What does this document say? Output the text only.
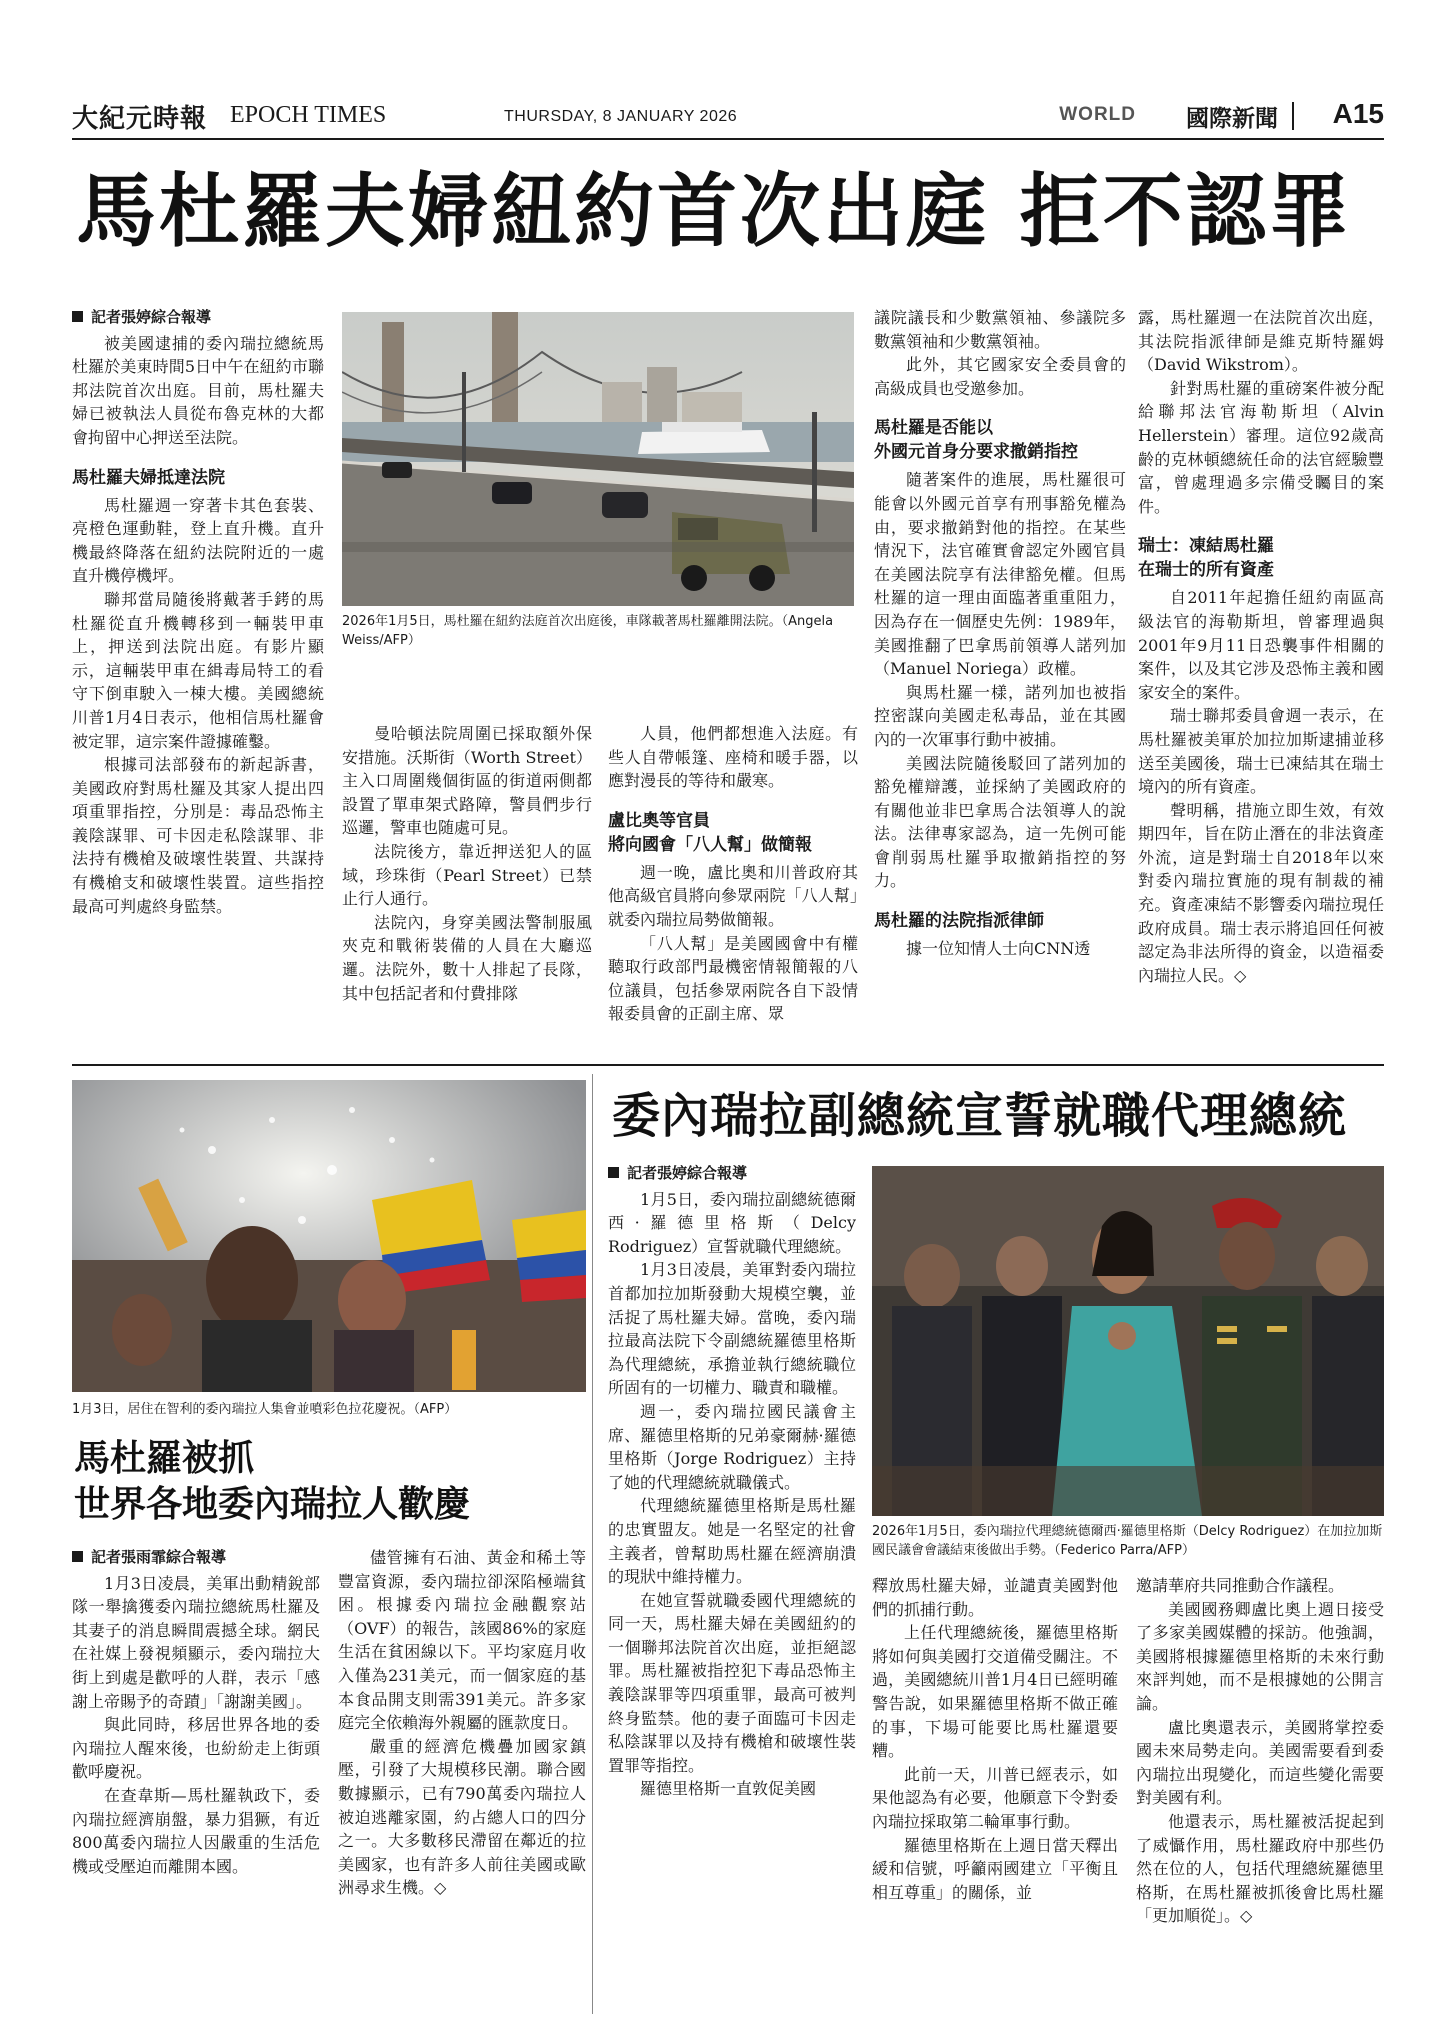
大紀元時報 EPOCH TIMES	THURSDAY, 8 JANUARY 2026	WORLD 國際新聞 A15
馬杜羅夫婦紐約首次出庭 拒不認罪
記者張婷綜合報導

被美國逮捕的委內瑞拉總統馬杜羅於美東時間5日中午在紐約市聯邦法院首次出庭。目前，馬杜羅夫婦已被執法人員從布魯克林的大都會拘留中心押送至法院。

馬杜羅夫婦抵達法院

馬杜羅週一穿著卡其色套裝、亮橙色運動鞋，登上直升機。直升機最終降落在紐約法院附近的一處直升機停機坪。

聯邦當局隨後將戴著手銬的馬杜羅從直升機轉移到一輛裝甲車上，押送到法院出庭。有影片顯示，這輛裝甲車在緝毒局特工的看守下倒車駛入一棟大樓。美國總統川普1月4日表示，他相信馬杜羅會被定罪，這宗案件證據確鑿。

根據司法部發布的新起訴書，美國政府對馬杜羅及其家人提出四項重罪指控，分別是：毒品恐怖主義陰謀罪、可卡因走私陰謀罪、非法持有機槍及破壞性裝置、共謀持有機槍支和破壞性裝置。這些指控最高可判處終身監禁。

2026年1月5日，馬杜羅在紐約法庭首次出庭後，車隊載著馬杜羅離開法院。（Angela Weiss/AFP）

曼哈頓法院周圍已採取額外保安措施。沃斯街（Worth Street）主入口周圍幾個街區的街道兩側都設置了單車架式路障，警員們步行巡邏，警車也随處可見。

法院後方，靠近押送犯人的區域，珍珠街（Pearl Street）已禁止行人通行。

法院內，身穿美國法警制服風夾克和戰術裝備的人員在大廳巡邏。法院外，數十人排起了長隊，其中包括記者和付費排隊

人員，他們都想進入法庭。有些人自帶帳篷、座椅和暖手器，以應對漫長的等待和嚴寒。

盧比奧等官員
將向國會「八人幫」做簡報

週一晚，盧比奧和川普政府其他高級官員將向參眾兩院「八人幫」就委內瑞拉局勢做簡報。

「八人幫」是美國國會中有權聽取行政部門最機密情報簡報的八位議員，包括參眾兩院各自下設情報委員會的正副主席、眾

議院議長和少數黨領袖、參議院多數黨領袖和少數黨領袖。

此外，其它國家安全委員會的高級成員也受邀參加。

馬杜羅是否能以
外國元首身分要求撤銷指控

隨著案件的進展，馬杜羅很可能會以外國元首享有刑事豁免權為由，要求撤銷對他的指控。在某些情況下，法官確實會認定外國官員在美國法院享有法律豁免權。但馬杜羅的這一理由面臨著重重阻力，因為存在一個歷史先例：1989年，美國推翻了巴拿馬前領導人諾列加（Manuel Noriega）政權。

與馬杜羅一樣，諾列加也被指控密謀向美國走私毒品，並在其國內的一次軍事行動中被捕。

美國法院隨後駁回了諾列加的豁免權辯護，並採納了美國政府的有關他並非巴拿馬合法領導人的說法。法律專家認為，這一先例可能會削弱馬杜羅爭取撤銷指控的努力。

馬杜羅的法院指派律師

據一位知情人士向CNN透

露，馬杜羅週一在法院首次出庭，其法院指派律師是維克斯特羅姆（David Wikstrom）。

針對馬杜羅的重磅案件被分配給聯邦法官海勒斯坦（Alvin Hellerstein）審理。這位92歲高齡的克林頓總統任命的法官經驗豐富，曾處理過多宗備受矚目的案件。

瑞士：凍結馬杜羅
在瑞士的所有資產

自2011年起擔任紐約南區高級法官的海勒斯坦，曾審理過與2001年9月11日恐襲事件相關的案件，以及其它涉及恐怖主義和國家安全的案件。

瑞士聯邦委員會週一表示，在馬杜羅被美軍於加拉加斯逮捕並移送至美國後，瑞士已凍結其在瑞士境內的所有資產。

聲明稱，措施立即生效，有效期四年，旨在防止潛在的非法資產外流，這是對瑞士自2018年以來對委內瑞拉實施的現有制裁的補充。資產凍結不影響委內瑞拉現任政府成員。瑞士表示將追回任何被認定為非法所得的資金，以造福委內瑞拉人民。◇

1月3日，居住在智利的委內瑞拉人集會並噴彩色拉花慶祝。（AFP）
馬杜羅被抓
世界各地委內瑞拉人歡慶
記者張雨霏綜合報導

1月3日凌晨，美軍出動精銳部隊一舉擒獲委內瑞拉總統馬杜羅及其妻子的消息瞬間震撼全球。網民在社媒上發視頻顯示，委內瑞拉大街上到處是歡呼的人群，表示「感謝上帝賜予的奇蹟」「謝謝美國」。

與此同時，移居世界各地的委內瑞拉人醒來後，也紛紛走上街頭歡呼慶祝。

在查韋斯—馬杜羅執政下，委內瑞拉經濟崩盤，暴力猖獗，有近800萬委內瑞拉人因嚴重的生活危機或受壓迫而離開本國。

儘管擁有石油、黃金和稀土等豐富資源，委內瑞拉卻深陷極端貧困。根據委內瑞拉金融觀察站（OVF）的報告，該國86%的家庭生活在貧困線以下。平均家庭月收入僅為231美元，而一個家庭的基本食品開支則需391美元。許多家庭完全依賴海外親屬的匯款度日。

嚴重的經濟危機疊加國家鎮壓，引發了大規模移民潮。聯合國數據顯示，已有790萬委內瑞拉人被迫逃離家園，約占總人口的四分之一。大多數移民滯留在鄰近的拉美國家，也有許多人前往美國或歐洲尋求生機。◇

委內瑞拉副總統宣誓就職代理總統
記者張婷綜合報導

1月5日，委內瑞拉副總統德爾西·羅德里格斯（Delcy Rodriguez）宣誓就職代理總統。

1月3日凌晨，美軍對委內瑞拉首都加拉加斯發動大規模空襲，並活捉了馬杜羅夫婦。當晚，委內瑞拉最高法院下令副總統羅德里格斯為代理總統，承擔並執行總統職位所固有的一切權力、職責和職權。

週一，委內瑞拉國民議會主席、羅德里格斯的兄弟豪爾赫·羅德里格斯（Jorge Rodriguez）主持了她的代理總統就職儀式。

代理總統羅德里格斯是馬杜羅的忠實盟友。她是一名堅定的社會主義者，曾幫助馬杜羅在經濟崩潰的現狀中維持權力。

在她宣誓就職委國代理總統的同一天，馬杜羅夫婦在美國紐約的一個聯邦法院首次出庭，並拒絕認罪。馬杜羅被指控犯下毒品恐怖主義陰謀罪等四項重罪，最高可被判終身監禁。他的妻子面臨可卡因走私陰謀罪以及持有機槍和破壞性裝置罪等指控。

羅德里格斯一直敦促美國

2026年1月5日，委內瑞拉代理總統德爾西·羅德里格斯（Delcy Rodriguez）在加拉加斯國民議會會議結束後做出手勢。（Federico Parra/AFP）

釋放馬杜羅夫婦，並譴責美國對他們的抓捕行動。

上任代理總統後，羅德里格斯將如何與美國打交道備受關注。不過，美國總統川普1月4日已經明確警告說，如果羅德里格斯不做正確的事，下場可能要比馬杜羅還要糟。

此前一天，川普已經表示，如果他認為有必要，他願意下令對委內瑞拉採取第二輪軍事行動。

羅德里格斯在上週日當天釋出緩和信號，呼籲兩國建立「平衡且相互尊重」的關係，並

邀請華府共同推動合作議程。

美國國務卿盧比奧上週日接受了多家美國媒體的採訪。他強調，美國將根據羅德里格斯的未來行動來評判她，而不是根據她的公開言論。

盧比奧還表示，美國將掌控委國未來局勢走向。美國需要看到委內瑞拉出現變化，而這些變化需要對美國有利。

他還表示，馬杜羅被活捉起到了威懾作用，馬杜羅政府中那些仍然在位的人，包括代理總統羅德里格斯，在馬杜羅被抓後會比馬杜羅「更加順從」。◇
